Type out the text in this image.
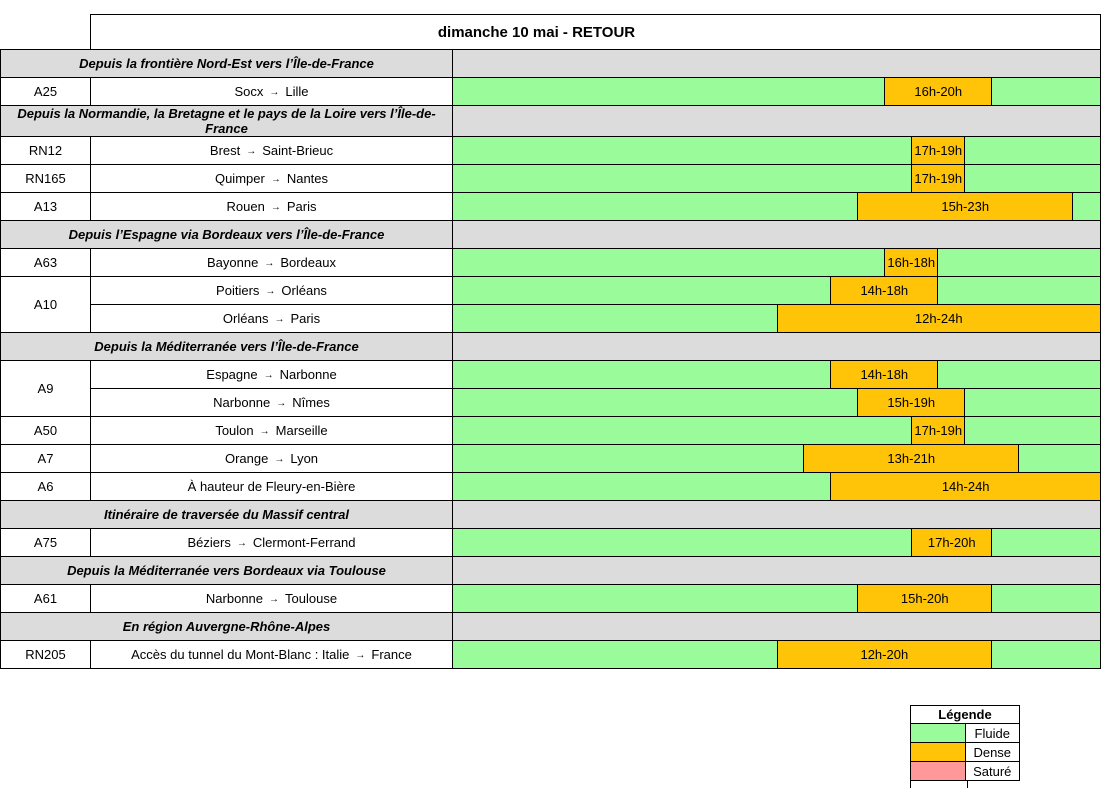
	dimanche 10 mai - RETOUR	
Depuis la frontière Nord-Est vers l’Île-de-France		
A25	Socx → Lille	16h-20h

Depuis la Normandie, la Bretagne et le pays de la Loire vers l’Île-de-France		
RN12	Brest → Saint-Brieuc	17h-19h

RN165	Quimper → Nantes	17h-19h

A13	Rouen → Paris	15h-23h

Depuis l’Espagne via Bordeaux vers l’Île-de-France		
A63	Bayonne → Bordeaux	16h-18h

A10	Poitiers → Orléans	14h-18h

	Orléans → Paris	12h-24h

Depuis la Méditerranée vers l’Île-de-France		
A9	Espagne → Narbonne	14h-18h

	Narbonne → Nîmes	15h-19h

A50	Toulon → Marseille	17h-19h

A7	Orange → Lyon	13h-21h

A6	À hauteur de Fleury-en-Bière	14h-24h

Itinéraire de traversée du Massif central		
A75	Béziers → Clermont-Ferrand	17h-20h

Depuis la Méditerranée vers Bordeaux via Toulouse		
A61	Narbonne → Toulouse	15h-20h

En région Auvergne-Rhône-Alpes		
RN205	Accès du tunnel du Mont-Blanc : Italie → France	12h-20h
Légende	
	Fluide
	Dense
	Saturé
